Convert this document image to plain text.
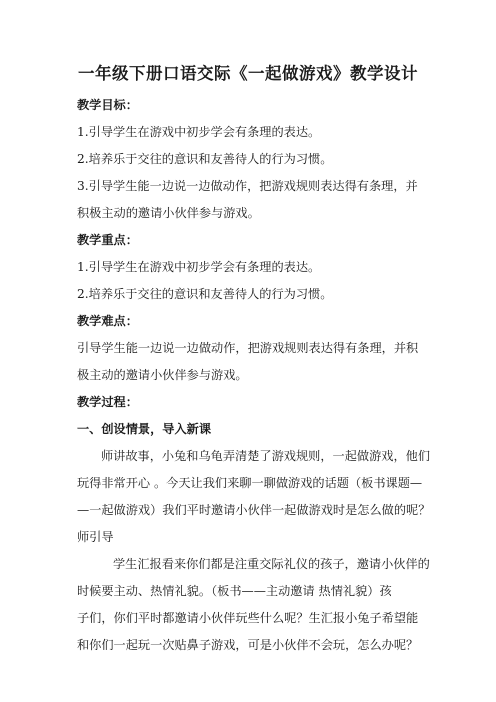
一年级下册口语交际《一起做游戏》教学设计
教学目标：
1.引导学生在游戏中初步学会有条理的表达。
2.培养乐于交往的意识和友善待人的行为习惯。
3.引导学生能一边说一边做动作，把游戏规则表达得有条理，并
积极主动的邀请小伙伴参与游戏。
教学重点：
1.引导学生在游戏中初步学会有条理的表达。
2.培养乐于交往的意识和友善待人的行为习惯。
教学难点：
引导学生能一边说一边做动作，把游戏规则表达得有条理，并积
极主动的邀请小伙伴参与游戏。
教学过程：
一、创设情景，导入新课
师讲故事，小兔和乌龟弄清楚了游戏规则，一起做游戏，他们
玩得非常开心 。今天让我们来聊一聊做游戏的话题（板书课题—
—一起做游戏）我们平时邀请小伙伴一起做游戏时是怎么做的呢？
师引导
学生汇报看来你们都是注重交际礼仪的孩子，邀请小伙伴的
时候要主动、热情礼貌。（板书——主动邀请 热情礼貌）孩
子们，你们平时都邀请小伙伴玩些什么呢？生汇报小兔子希望能
和你们一起玩一次贴鼻子游戏，可是小伙伴不会玩，怎么办呢？
